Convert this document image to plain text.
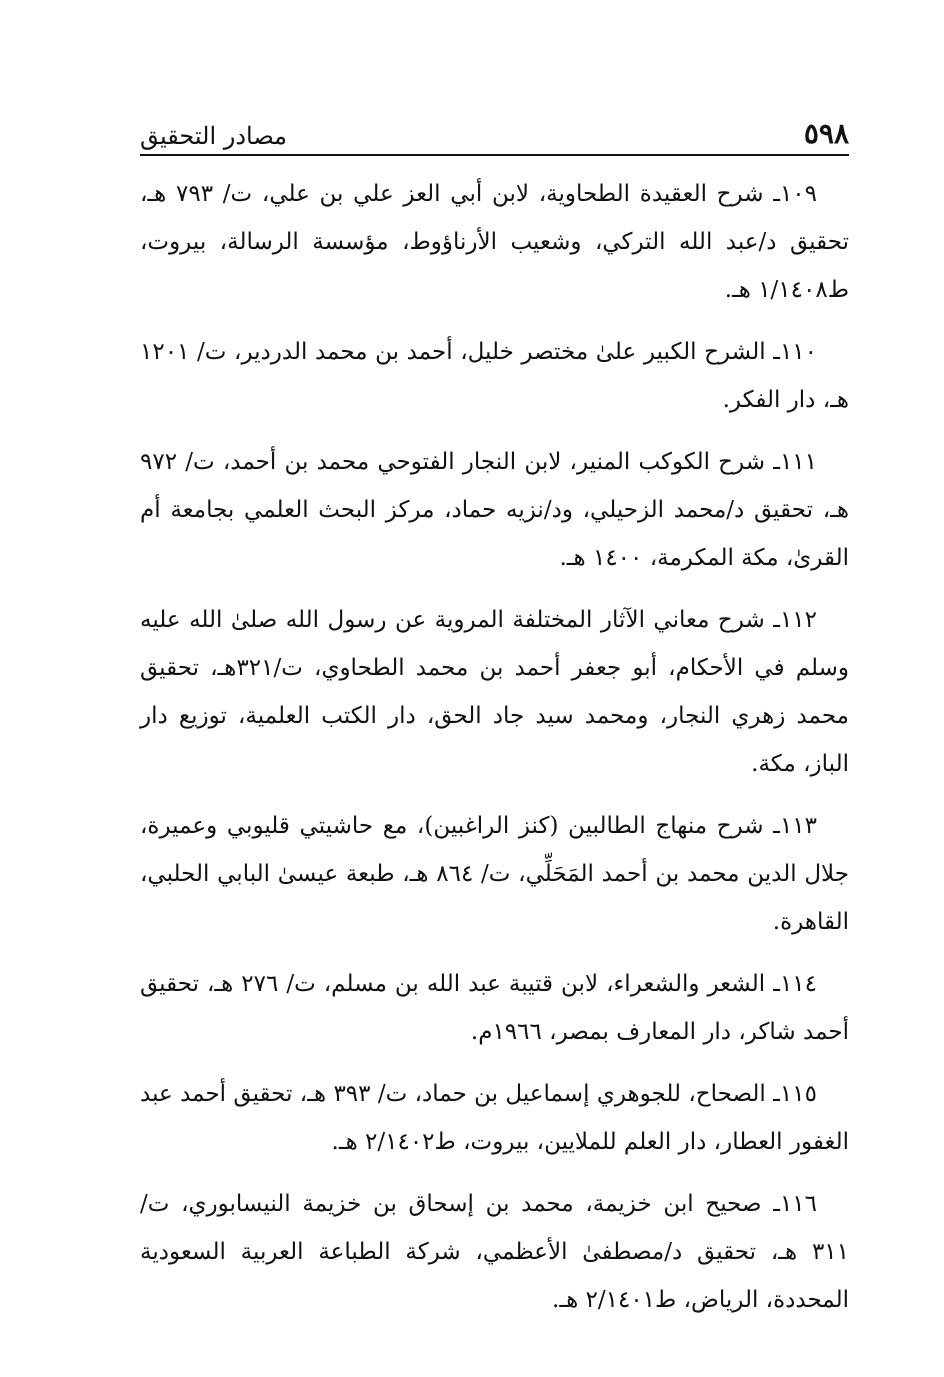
٥٩٨
مصادر التحقيق

١٠٩ـ شرح العقيدة الطحاوية، لابن أبي العز علي بن علي، ت/ ٧٩٣ هـ، تحقيق د/عبد الله التركي، وشعيب الأرناؤوط، مؤسسة الرسالة، بيروت، ط١/١٤٠٨ هـ.

١١٠ـ الشرح الكبير علىٰ مختصر خليل، أحمد بن محمد الدردير، ت/ ١٢٠١ هـ، دار الفكر.

١١١ـ شرح الكوكب المنير، لابن النجار الفتوحي محمد بن أحمد، ت/ ٩٧٢ هـ، تحقيق د/محمد الزحيلي، ود/نزيه حماد، مركز البحث العلمي بجامعة أم القرىٰ، مكة المكرمة، ١٤٠٠ هـ.

١١٢ـ شرح معاني الآثار المختلفة المروية عن رسول الله صلىٰ الله عليه وسلم في الأحكام، أبو جعفر أحمد بن محمد الطحاوي، ت/٣٢١هـ، تحقيق محمد زهري النجار، ومحمد سيد جاد الحق، دار الكتب العلمية، توزيع دار الباز، مكة.

١١٣ـ شرح منهاج الطالبين (كنز الراغبين)، مع حاشيتي قليوبي وعميرة، جلال الدين محمد بن أحمد المَحَلِّي، ت/ ٨٦٤ هـ، طبعة عيسىٰ البابي الحلبي، القاهرة.

١١٤ـ الشعر والشعراء، لابن قتيبة عبد الله بن مسلم، ت/ ٢٧٦ هـ، تحقيق أحمد شاكر، دار المعارف بمصر، ١٩٦٦م.

١١٥ـ الصحاح، للجوهري إسماعيل بن حماد، ت/ ٣٩٣ هـ، تحقيق أحمد عبد الغفور العطار، دار العلم للملايين، بيروت، ط٢/١٤٠٢ هـ.

١١٦ـ صحيح ابن خزيمة، محمد بن إسحاق بن خزيمة النيسابوري، ت/ ٣١١ هـ، تحقيق د/مصطفىٰ الأعظمي، شركة الطباعة العربية السعودية المحددة، الرياض، ط٢/١٤٠١ هـ.
